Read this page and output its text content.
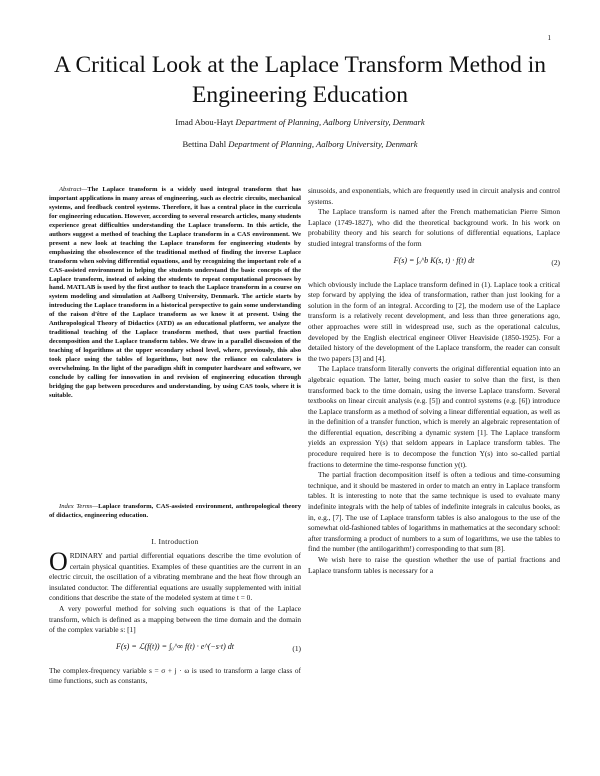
1
A Critical Look at the Laplace Transform Method in Engineering Education
Imad Abou-Hayt Department of Planning, Aalborg University, Denmark
Bettina Dahl Department of Planning, Aalborg University, Denmark
Abstract—The Laplace transform is a widely used integral transform that has important applications in many areas of engineering, such as electric circuits, mechanical systems, and feedback control systems. Therefore, it has a central place in the curricula for engineering education. However, according to several research articles, many students experience great difficulties understanding the Laplace transform. In this article, the authors suggest a method of teaching the Laplace transform in a CAS environment. We present a new look at teaching the Laplace transform for engineering students by emphasizing the obsolescence of the traditional method of finding the inverse Laplace transform when solving differential equations, and by recognizing the important role of a CAS-assisted environment in helping the students understand the basic concepts of the Laplace transform, instead of asking the students to repeat computational processes by hand. MATLAB is used by the first author to teach the Laplace transform in a course on system modeling and simulation at Aalborg University, Denmark. The article starts by introducing the Laplace transform in a historical perspective to gain some understanding of the raison d'être of the Laplace transform as we know it at present. Using the Anthropological Theory of Didactics (ATD) as an educational platform, we analyze the traditional teaching of the Laplace transform method, that uses partial fraction decomposition and the Laplace transform tables. We draw in a parallel discussion of the teaching of logarithms at the upper secondary school level, where, previously, this also took place using the tables of logarithms, but now the reliance on calculators is overwhelming. In the light of the paradigm shift in computer hardware and software, we conclude by calling for innovation in and revision of engineering education through bridging the gap between procedures and understanding, by using CAS tools, where it is suitable.
Index Terms—Laplace transform, CAS-assisted environment, anthropological theory of didactics, engineering education.
I. Introduction

ORDINARY and partial differential equations describe the time evolution of certain physical quantities. Examples of these quantities are the current in an electric circuit, the oscillation of a vibrating membrane and the heat flow through an insulated conductor. The differential equations are usually supplemented with initial conditions that describe the state of the modeled system at time t = 0.

A very powerful method for solving such equations is that of the Laplace transform, which is defined as a mapping between the time domain and the domain of the complex variable s: [1]

F(s) = ℒ(f(t)) = ∫₀^∞ f(t) · e^(−s·t) dt	(1)

The complex-frequency variable s = σ + j · ω is used to transform a large class of time functions, such as constants,

sinusoids, and exponentials, which are frequently used in circuit analysis and control systems.

The Laplace transform is named after the French mathematician Pierre Simon Laplace (1749-1827), who did the theoretical background work. In his work on probability theory and his search for solutions of differential equations, Laplace studied integral transforms of the form

F(s) = ∫ₐ^b K(s, t) · f(t) dt	(2)

which obviously include the Laplace transform defined in (1). Laplace took a critical step forward by applying the idea of transformation, rather than just looking for a solution in the form of an integral. According to [2], the modern use of the Laplace transform is a relatively recent development, and less than three generations ago, other approaches were still in widespread use, such as the operational calculus, developed by the English electrical engineer Oliver Heaviside (1850-1925). For a detailed history of the development of the Laplace transform, the reader can consult the two papers [3] and [4].

The Laplace transform literally converts the original differential equation into an algebraic equation. The latter, being much easier to solve than the first, is then transformed back to the time domain, using the inverse Laplace transform. Several textbooks on linear circuit analysis (e.g. [5]) and control systems (e.g. [6]) introduce the Laplace transform as a method of solving a linear differential equation, as well as in the definition of a transfer function, which is merely an algebraic representation of the differential equation, describing a dynamic system [1]. The Laplace transform yields an expression Y(s) that seldom appears in Laplace transform tables. The procedure required here is to decompose the function Y(s) into so-called partial fractions to determine the time-response function y(t).

The partial fraction decomposition itself is often a tedious and time-consuming technique, and it should be mastered in order to match an entry in Laplace transform tables. It is interesting to note that the same technique is used to evaluate many indefinite integrals with the help of tables of indefinite integrals in calculus books, as in, e.g., [7]. The use of Laplace transform tables is also analogous to the use of the somewhat old-fashioned tables of logarithms in mathematics at the secondary school: after transforming a product of numbers to a sum of logarithms, we use the tables to find the number (the antilogarithm!) corresponding to that sum [8].

We wish here to raise the question whether the use of partial fractions and Laplace transform tables is necessary for a
